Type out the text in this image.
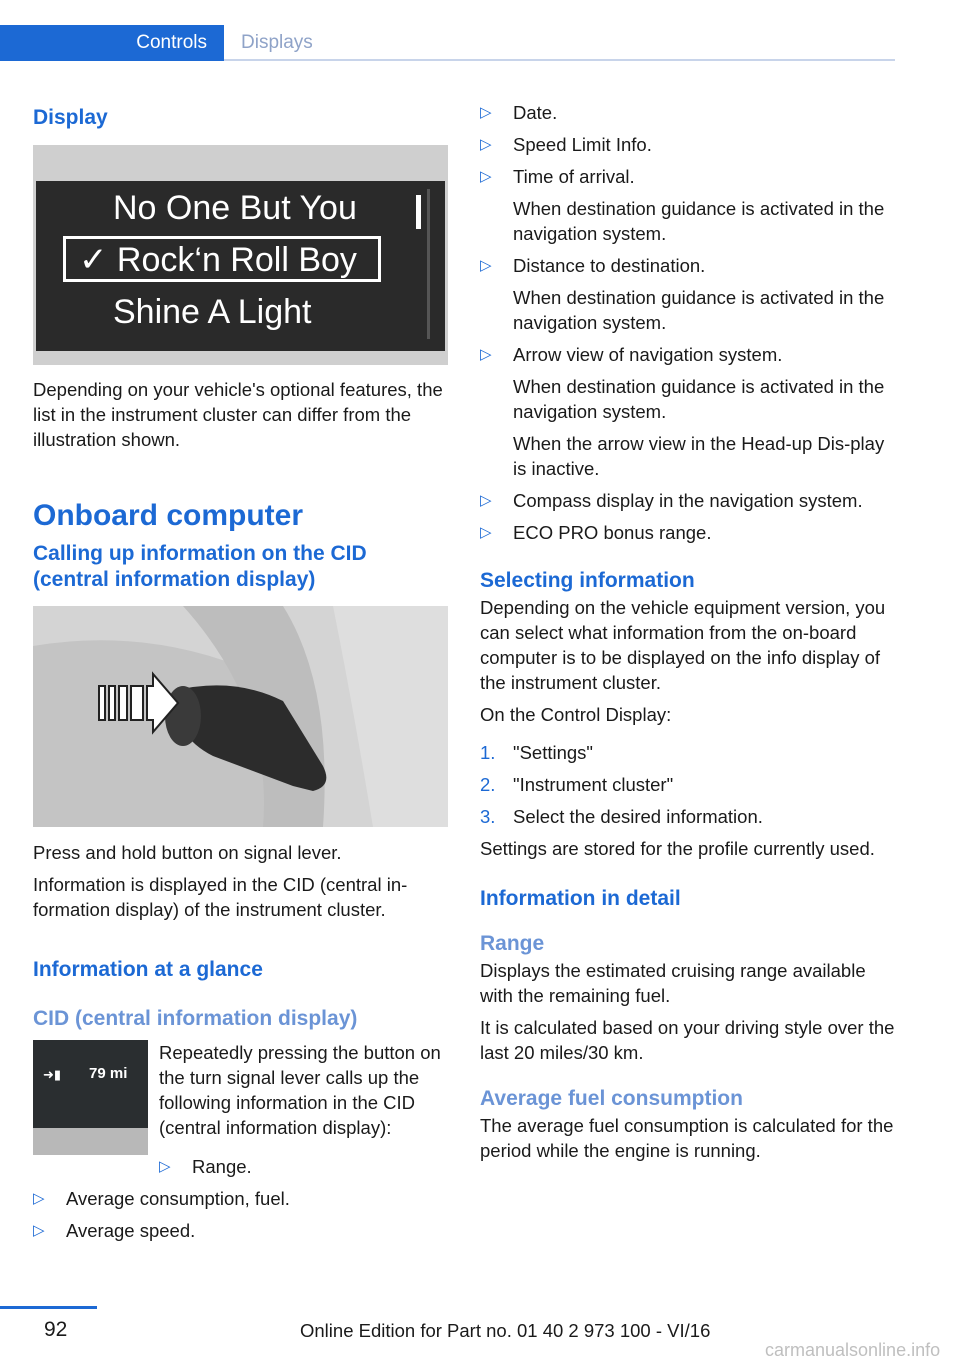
Controls	Displays
Display
No One But You
✓ Rock‘n Roll Boy
Shine A Light

Depending on your vehicle's optional features, the list in the instrument cluster can differ from the illustration shown.

Onboard computer
Calling up information on the CID (central information display)

Press and hold button on signal lever.

Information is displayed in the CID (central in-formation display) of the instrument cluster.

Information at a glance
CID (central information display)
➜▮ 79 mi

Repeatedly pressing the button on the turn signal lever calls up the following information in the CID (central information display):

▷ Range.
▷ Average consumption, fuel.
▷ Average speed.
▷ Date.
▷ Speed Limit Info.
▷ Time of arrival.
When destination guidance is activated in the navigation system.
▷ Distance to destination.
When destination guidance is activated in the navigation system.
▷ Arrow view of navigation system.
When destination guidance is activated in the navigation system.
When the arrow view in the Head-up Dis-play is inactive.
▷ Compass display in the navigation system.
▷ ECO PRO bonus range.
Selecting information

Depending on the vehicle equipment version, you can select what information from the on-board computer is to be displayed on the info display of the instrument cluster.

On the Control Display:

1. "Settings"
2. "Instrument cluster"
3. Select the desired information.

Settings are stored for the profile currently used.

Information in detail
Range

Displays the estimated cruising range available with the remaining fuel.

It is calculated based on your driving style over the last 20 miles/30 km.

Average fuel consumption

The average fuel consumption is calculated for the period while the engine is running.

92	Online Edition for Part no. 01 40 2 973 100 - VI/16
carmanualsonline.info
